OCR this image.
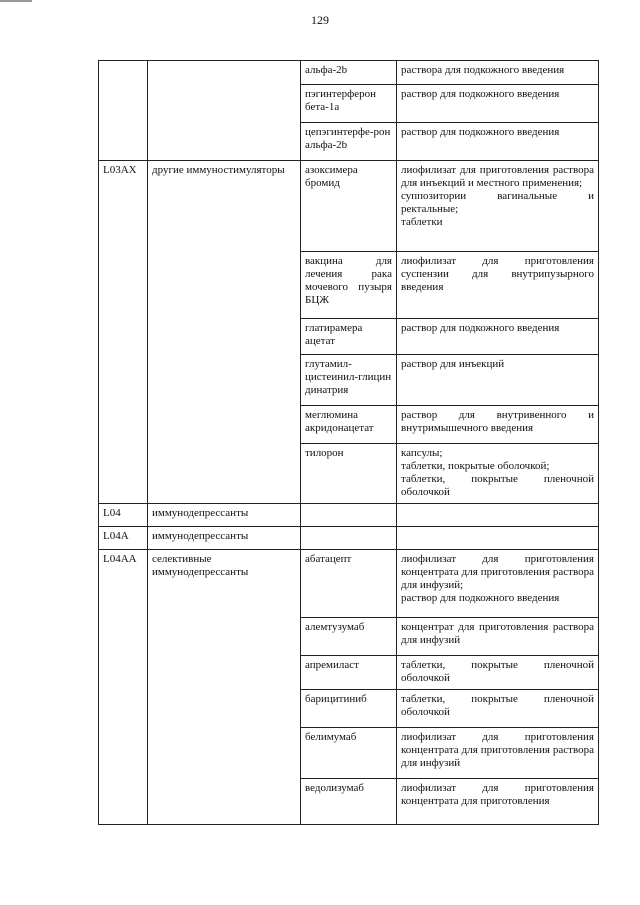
129
		альфа-2b	раствора для подкожного введения

		пэгинтерферон бета-1a	раствор для подкожного введения

		цепэгинтерфе-рон альфа-2b	раствор для подкожного введения

L03AX	другие иммуностимуляторы	азоксимера бромид	лиофилизат для приготовления раствора для инъекций и местного применения;
суппозитории вагинальные и ректальные;
таблетки

		вакцина для лечения рака мочевого пузыря БЦЖ	лиофилизат для приготовления суспензии для внутрипузырного введения

		глатирамера ацетат	раствор для подкожного введения

		глутамил-цистеинил-глицин динатрия	раствор для инъекций

		меглюмина акридонацетат	раствор для внутривенного и внутримышечного введения

		тилорон	капсулы;
таблетки, покрытые оболочкой;
таблетки, покрытые пленочной оболочкой

L04	иммунодепрессанты		
L04A	иммунодепрессанты		
L04AA	селективные иммунодепрессанты	абатацепт	лиофилизат для приготовления концентрата для приготовления раствора для инфузий;
раствор для подкожного введения

		алемтузумаб	концентрат для приготовления раствора для инфузий

		апремиласт	таблетки, покрытые пленочной оболочкой

		барицитиниб	таблетки, покрытые пленочной оболочкой

		белимумаб	лиофилизат для приготовления концентрата для приготовления раствора для инфузий

		ведолизумаб	лиофилизат для приготовления концентрата для приготовления
